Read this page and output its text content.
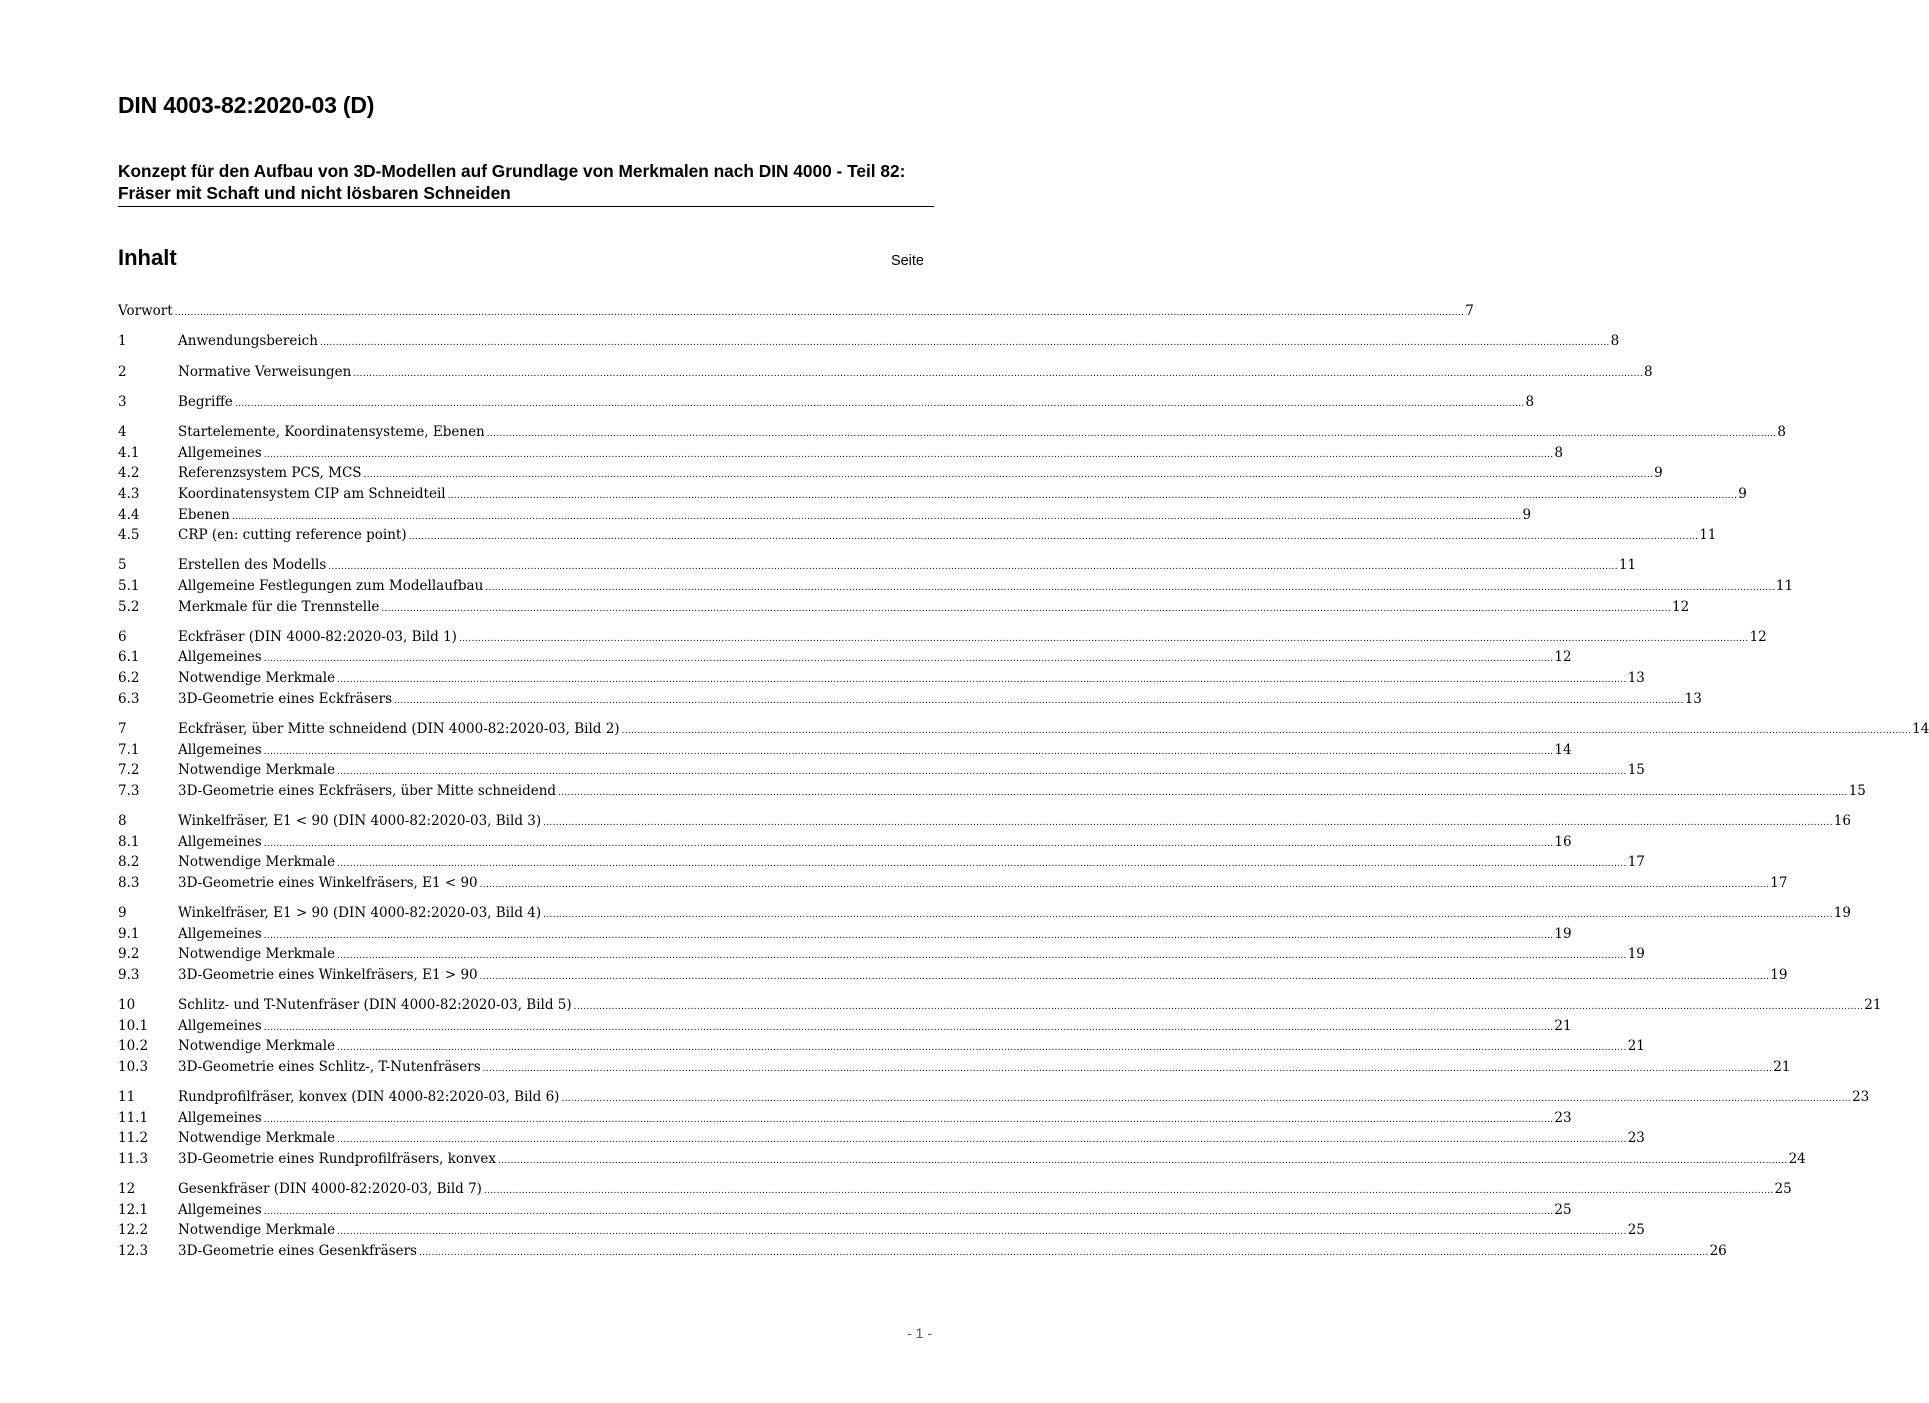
DIN 4003-82:2020-03 (D)
Konzept für den Aufbau von 3D-Modellen auf Grundlage von Merkmalen nach DIN 4000 - Teil 82: Fräser mit Schaft und nicht lösbaren Schneiden
Inhalt	Seite
Vorwort .....	7
1	Anwendungsbereich .....	8
2	Normative Verweisungen .....	8
3	Begriffe .....	8
4	Startelemente, Koordinatensysteme, Ebenen .....	8
4.1	Allgemeines .....	8
4.2	Referenzsystem PCS, MCS .....	9
4.3	Koordinatensystem CIP am Schneidteil .....	9
4.4	Ebenen .....	9
4.5	CRP (en: cutting reference point) .....	11
5	Erstellen des Modells .....	11
5.1	Allgemeine Festlegungen zum Modellaufbau .....	11
5.2	Merkmale für die Trennstelle .....	12
6	Eckfräser (DIN 4000-82:2020-03, Bild 1) .....	12
6.1	Allgemeines .....	12
6.2	Notwendige Merkmale .....	13
6.3	3D-Geometrie eines Eckfräsers .....	13
7	Eckfräser, über Mitte schneidend (DIN 4000-82:2020-03, Bild 2) .....	14
7.1	Allgemeines .....	14
7.2	Notwendige Merkmale .....	15
7.3	3D-Geometrie eines Eckfräsers, über Mitte schneidend .....	15
8	Winkelfräser, E1 < 90 (DIN 4000-82:2020-03, Bild 3) .....	16
8.1	Allgemeines .....	16
8.2	Notwendige Merkmale .....	17
8.3	3D-Geometrie eines Winkelfräsers, E1 < 90 .....	17
9	Winkelfräser, E1 > 90 (DIN 4000-82:2020-03, Bild 4) .....	19
9.1	Allgemeines .....	19
9.2	Notwendige Merkmale .....	19
9.3	3D-Geometrie eines Winkelfräsers, E1 > 90 .....	19
10	Schlitz- und T-Nutenfräser (DIN 4000-82:2020-03, Bild 5) .....	21
10.1	Allgemeines .....	21
10.2	Notwendige Merkmale .....	21
10.3	3D-Geometrie eines Schlitz-, T-Nutenfräsers .....	21
11	Rundprofilfräser, konvex (DIN 4000-82:2020-03, Bild 6) .....	23
11.1	Allgemeines .....	23
11.2	Notwendige Merkmale .....	23
11.3	3D-Geometrie eines Rundprofilfräsers, konvex .....	24
12	Gesenkfräser (DIN 4000-82:2020-03, Bild 7) .....	25
12.1	Allgemeines .....	25
12.2	Notwendige Merkmale .....	25
12.3	3D-Geometrie eines Gesenkfräsers .....	26
- 1 -
